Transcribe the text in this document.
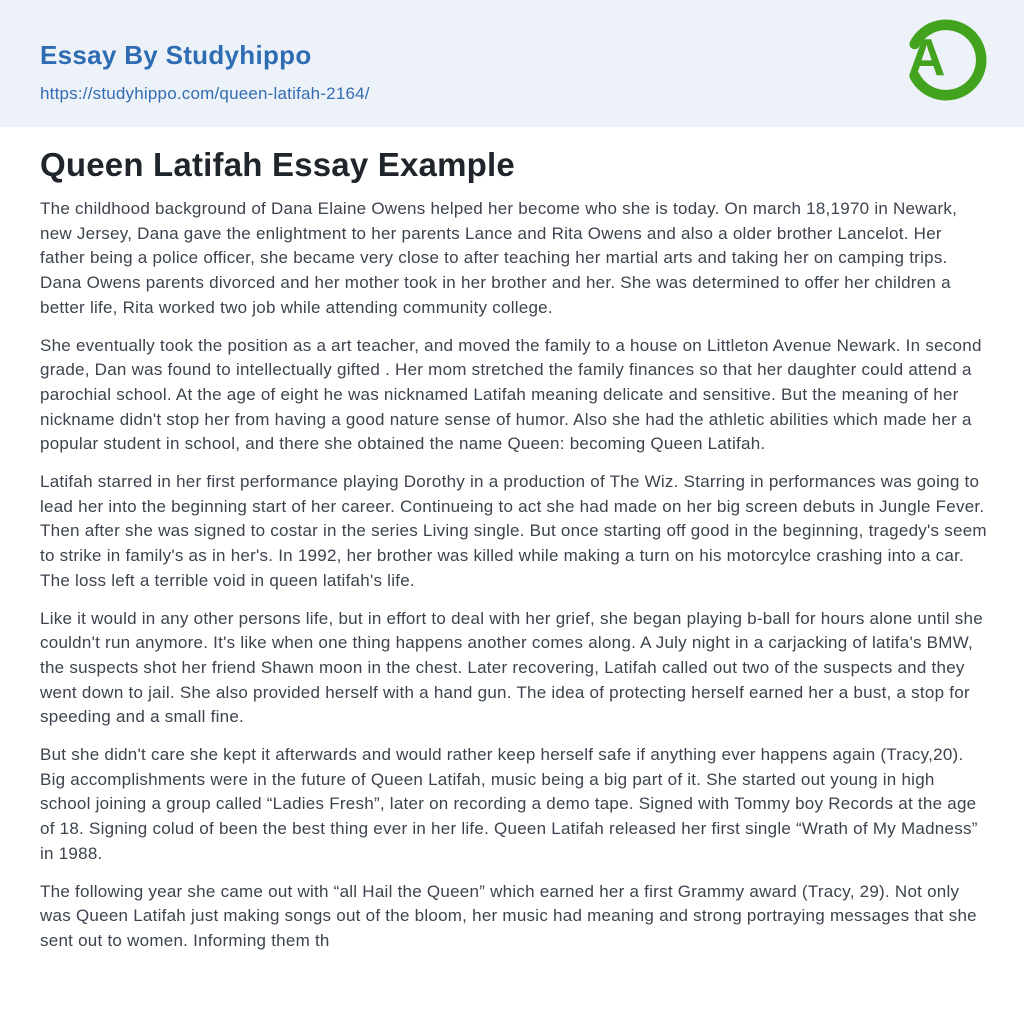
Essay By Studyhippo
https://studyhippo.com/queen-latifah-2164/
A
Queen Latifah Essay Example

The childhood background of Dana Elaine Owens helped her become who she is today. On march 18,1970 in Newark, new Jersey, Dana gave the enlightment to her parents Lance and Rita Owens and also a older brother Lancelot. Her father being a police officer, she became very close to after teaching her martial arts and taking her on camping trips. Dana Owens parents divorced and her mother took in her brother and her. She was determined to offer her children a better life, Rita worked two job while attending community college.

She eventually took the position as a art teacher, and moved the family to a house on Littleton Avenue Newark. In second grade, Dan was found to intellectually gifted . Her mom stretched the family finances so that her daughter could attend a parochial school. At the age of eight he was nicknamed Latifah meaning delicate and sensitive. But the meaning of her nickname didn't stop her from having a good nature sense of humor. Also she had the athletic abilities which made her a popular student in school, and there she obtained the name Queen: becoming Queen Latifah.

Latifah starred in her first performance playing Dorothy in a production of The Wiz. Starring in performances was going to lead her into the beginning start of her career. Continueing to act she had made on her big screen debuts in Jungle Fever. Then after she was signed to costar in the series Living single. But once starting off good in the beginning, tragedy's seem to strike in family's as in her's. In 1992, her brother was killed while making a turn on his motorcylce crashing into a car. The loss left a terrible void in queen latifah's life.

Like it would in any other persons life, but in effort to deal with her grief, she began playing b-ball for hours alone until she couldn't run anymore. It's like when one thing happens another comes along. A July night in a carjacking of latifa's BMW, the suspects shot her friend Shawn moon in the chest. Later recovering, Latifah called out two of the suspects and they went down to jail. She also provided herself with a hand gun. The idea of protecting herself earned her a bust, a stop for speeding and a small fine.

But she didn't care she kept it afterwards and would rather keep herself safe if anything ever happens again (Tracy,20). Big accomplishments were in the future of Queen Latifah, music being a big part of it. She started out young in high school joining a group called “Ladies Fresh”, later on recording a demo tape. Signed with Tommy boy Records at the age of 18. Signing colud of been the best thing ever in her life. Queen Latifah released her first single “Wrath of My Madness” in 1988.

The following year she came out with “all Hail the Queen” which earned her a first Grammy award (Tracy, 29). Not only was Queen Latifah just making songs out of the bloom, her music had meaning and strong portraying messages that she sent out to women. Informing them th
